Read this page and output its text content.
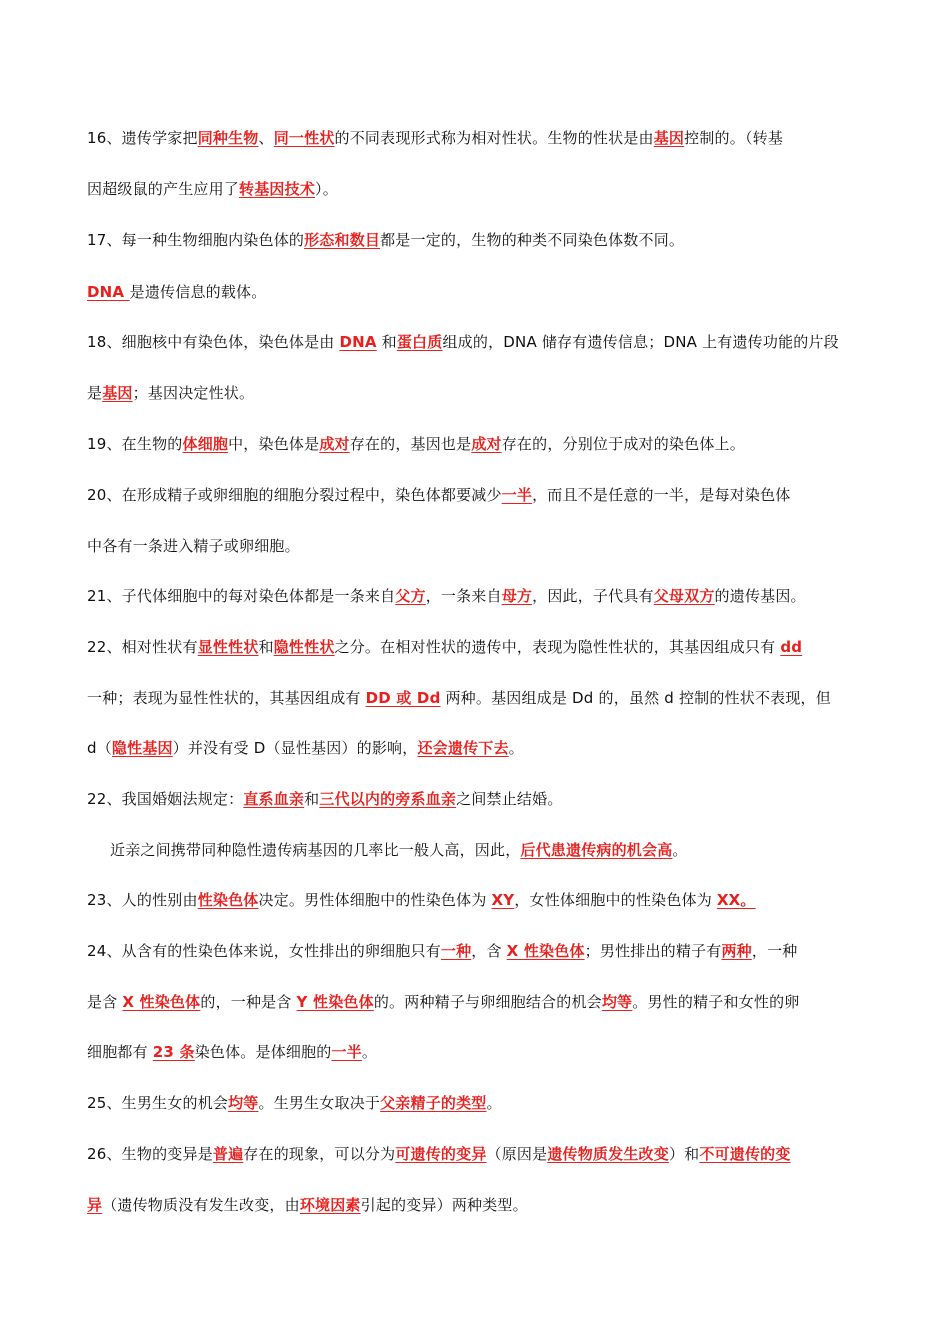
16、遗传学家把同种生物、同一性状的不同表现形式称为相对性状。生物的性状是由基因控制的。（转基
因超级鼠的产生应用了转基因技术）。
17、每一种生物细胞内染色体的形态和数目都是一定的，生物的种类不同染色体数不同。
DNA 是遗传信息的载体。
18、细胞核中有染色体，染色体是由 DNA 和蛋白质组成的，DNA 储存有遗传信息；DNA 上有遗传功能的片段
是基因；基因决定性状。
19、在生物的体细胞中，染色体是成对存在的，基因也是成对存在的，分别位于成对的染色体上。
20、在形成精子或卵细胞的细胞分裂过程中，染色体都要减少一半，而且不是任意的一半，是每对染色体
中各有一条进入精子或卵细胞。
21、子代体细胞中的每对染色体都是一条来自父方，一条来自母方，因此，子代具有父母双方的遗传基因。
22、相对性状有显性性状和隐性性状之分。在相对性状的遗传中，表现为隐性性状的，其基因组成只有 dd
一种；表现为显性性状的，其基因组成有 DD 或 Dd 两种。基因组成是 Dd 的，虽然 d 控制的性状不表现，但
d（隐性基因）并没有受 D（显性基因）的影响，还会遗传下去。
22、我国婚姻法规定：直系血亲和三代以内的旁系血亲之间禁止结婚。
近亲之间携带同种隐性遗传病基因的几率比一般人高，因此，后代患遗传病的机会高。
23、人的性别由性染色体决定。男性体细胞中的性染色体为 XY，女性体细胞中的性染色体为 XX。
24、从含有的性染色体来说，女性排出的卵细胞只有一种，含 X 性染色体；男性排出的精子有两种，一种
是含 X 性染色体的，一种是含 Y 性染色体的。两种精子与卵细胞结合的机会均等。男性的精子和女性的卵
细胞都有 23 条染色体。是体细胞的一半。
25、生男生女的机会均等。生男生女取决于父亲精子的类型。
26、生物的变异是普遍存在的现象，可以分为可遗传的变异（原因是遗传物质发生改变）和不可遗传的变
异（遗传物质没有发生改变，由环境因素引起的变异）两种类型。
